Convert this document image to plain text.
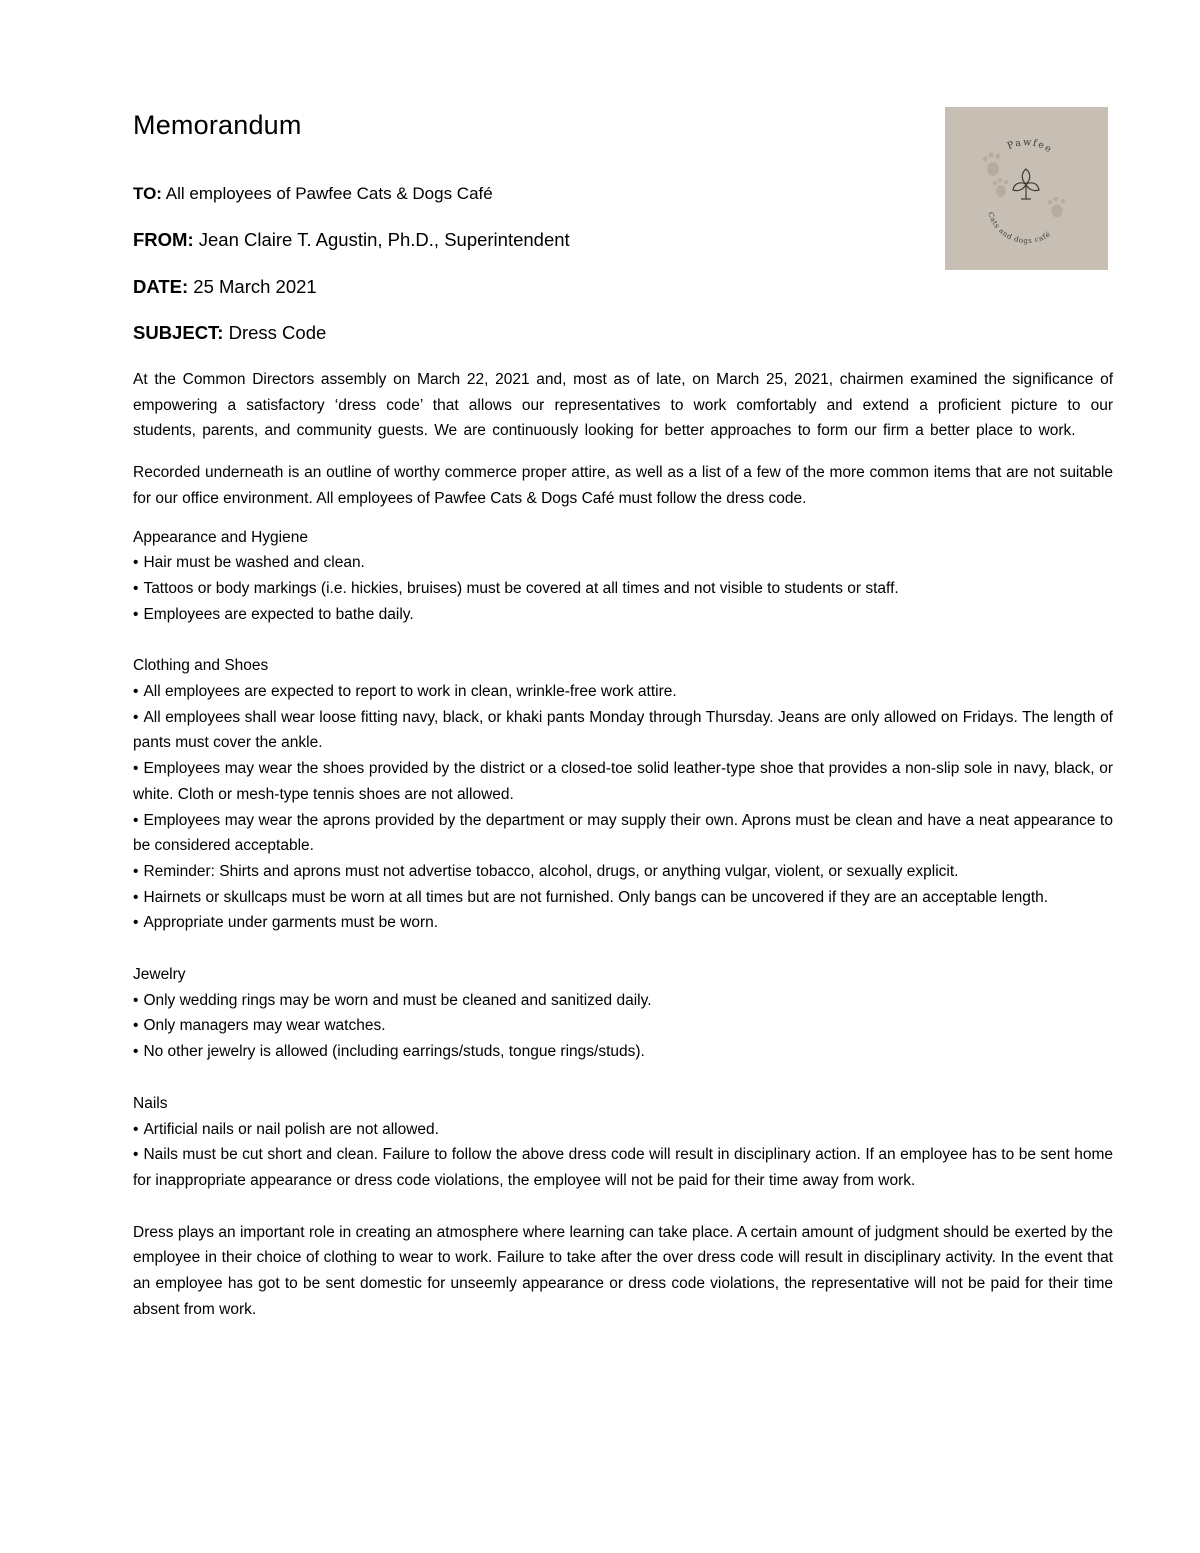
Pawfee
Cats and dogs café
Memorandum
TO: All employees of Pawfee Cats & Dogs Café
FROM: Jean Claire T. Agustin, Ph.D., Superintendent
DATE: 25 March 2021
SUBJECT: Dress Code

At the Common Directors assembly on March 22, 2021 and, most as of late, on March 25, 2021, chairmen examined the significance of empowering a satisfactory ‘dress code’ that allows our representatives to work comfortably and extend a proficient picture to our students, parents, and community guests. We are continuously looking for better approaches to form our firm a better place to work.

Recorded underneath is an outline of worthy commerce proper attire, as well as a list of a few of the more common items that are not suitable for our office environment. All employees of Pawfee Cats & Dogs Café must follow the dress code.

Appearance and Hygiene

• Hair must be washed and clean.

• Tattoos or body markings (i.e. hickies, bruises) must be covered at all times and not visible to students or staff.

• Employees are expected to bathe daily.

Clothing and Shoes

• All employees are expected to report to work in clean, wrinkle-free work attire.

• All employees shall wear loose fitting navy, black, or khaki pants Monday through Thursday. Jeans are only allowed on Fridays. The length of pants must cover the ankle.

• Employees may wear the shoes provided by the district or a closed-toe solid leather-type shoe that provides a non-slip sole in navy, black, or white. Cloth or mesh-type tennis shoes are not allowed.

• Employees may wear the aprons provided by the department or may supply their own. Aprons must be clean and have a neat appearance to be considered acceptable.

• Reminder: Shirts and aprons must not advertise tobacco, alcohol, drugs, or anything vulgar, violent, or sexually explicit.

• Hairnets or skullcaps must be worn at all times but are not furnished. Only bangs can be uncovered if they are an acceptable length.

• Appropriate under garments must be worn.

Jewelry

• Only wedding rings may be worn and must be cleaned and sanitized daily.

• Only managers may wear watches.

• No other jewelry is allowed (including earrings/studs, tongue rings/studs).

Nails

• Artificial nails or nail polish are not allowed.

• Nails must be cut short and clean. Failure to follow the above dress code will result in disciplinary action. If an employee has to be sent home for inappropriate appearance or dress code violations, the employee will not be paid for their time away from work.

Dress plays an important role in creating an atmosphere where learning can take place. A certain amount of judgment should be exerted by the employee in their choice of clothing to wear to work. Failure to take after the over dress code will result in disciplinary activity. In the event that an employee has got to be sent domestic for unseemly appearance or dress code violations, the representative will not be paid for their time absent from work.
